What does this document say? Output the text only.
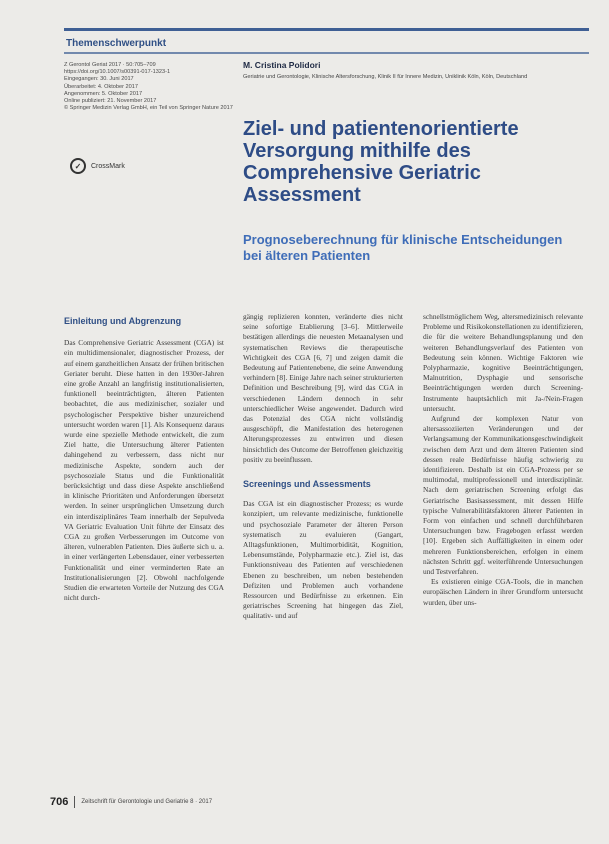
Themenschwerpunkt
Z Gerontol Geriat 2017 · 50:705–709
https://doi.org/10.1007/s00391-017-1323-1
Eingegangen: 30. Juni 2017
Überarbeitet: 4. Oktober 2017
Angenommen: 5. Oktober 2017
Online publiziert: 21. November 2017
© Springer Medizin Verlag GmbH, ein Teil von Springer Nature 2017
✓	CrossMark
M. Cristina Polidori
Geriatrie und Gerontologie, Klinische Altersforschung, Klinik II für Innere Medizin, Uniklinik Köln, Köln, Deutschland
Ziel- und patientenorientierte Versorgung mithilfe des Comprehensive Geriatric Assessment
Prognoseberechnung für klinische Entscheidungen bei älteren Patienten
Einleitung und Abgrenzung

Das Comprehensive Geriatric Assessment (CGA) ist ein multidimensionaler, diagnostischer Prozess, der auf einem ganzheitlichen Ansatz der frühen britischen Geriater beruht. Diese hatten in den 1930er-Jahren eine große Anzahl an langfristig institutionalisierten, funktionell beeinträchtigten, älteren Patienten beobachtet, die aus medizinischer, sozialer und psychologischer Perspektive bisher unzureichend untersucht worden waren [1]. Als Konsequenz daraus wurde eine spezielle Methode entwickelt, die zum Ziel hatte, die Untersuchung älterer Patienten dahingehend zu verbessern, dass nicht nur medizinische Aspekte, sondern auch der psychosoziale Status und die Funktionalität berücksichtigt und dass diese Aspekte anschließend in klinische Prioritäten und Anforderungen übersetzt werden. In seiner ursprünglichen Umsetzung durch ein interdisziplinäres Team innerhalb der Sepulveda VA Geriatric Evaluation Unit führte der Einsatz des CGA zu großen Verbesserungen im Outcome von älteren, vulnerablen Patienten. Dies äußerte sich u. a. in einer verlängerten Lebensdauer, einer verbesserten Funktionalität und einer verminderten Rate an Institutionalisierungen [2]. Obwohl nachfolgende Studien die erwarteten Vorteile der Nutzung des CGA nicht durch-

gängig replizieren konnten, veränderte dies nicht seine sofortige Etablierung [3–6]. Mittlerweile bestätigen allerdings die neuesten Metaanalysen und systematischen Reviews die therapeutische Wichtigkeit des CGA [6, 7] und zeigen damit die Bedeutung auf Patientenebene, die seine Anwendung verhindern [8]. Einige Jahre nach seiner strukturierten Definition und Beschreibung [9], wird das CGA in verschiedenen Ländern dennoch in sehr unterschiedlicher Weise angewendet. Dadurch wird das Potenzial des CGA nicht vollständig ausgeschöpft, die Manifestation des heterogenen Alterungsprozesses zu entwirren und diesen hinsichtlich des Outcome der Betroffenen gleichzeitig positiv zu beeinflussen.

Screenings und Assessments

Das CGA ist ein diagnostischer Prozess; es wurde konzipiert, um relevante medizinische, funktionelle und psychosoziale Parameter der älteren Person systematisch zu evaluieren (Gangart, Alltagsfunktionen, Multimorbidität, Kognition, Lebensumstände, Polypharmazie etc.). Ziel ist, das Funktionsniveau des Patienten auf verschiedenen Ebenen zu beschreiben, um neben bestehenden Defiziten und Problemen auch vorhandene Ressourcen und Bedürfnisse zu erkennen. Ein geriatrisches Screening hat hingegen das Ziel, qualitativ- und auf

schnellstmöglichem Weg, altersmedizinisch relevante Probleme und Risikokonstellationen zu identifizieren, die für die weitere Behandlungsplanung und den weiteren Behandlungsverlauf des Patienten von Bedeutung sein können. Wichtige Faktoren wie Polypharmazie, kognitive Beeinträchtigungen, Malnutrition, Dysphagie und sensorische Beeinträchtigungen werden durch Screening-Instrumente hauptsächlich mit Ja-/Nein-Fragen untersucht.

Aufgrund der komplexen Natur von altersassoziierten Veränderungen und der Verlangsamung der Kommunikationsgeschwindigkeit zwischen dem Arzt und dem älteren Patienten sind dessen reale Bedürfnisse häufig schwierig zu identifizieren. Deshalb ist ein CGA-Prozess per se multimodal, multiprofessionell und interdisziplinär. Nach dem geriatrischen Screening erfolgt das Geriatrische Basisassessment, mit dessen Hilfe typische Vulnerabilitätsfaktoren älterer Patienten in Form von einfachen und schnell durchführbaren Untersuchungen bzw. Fragebogen erfasst werden [10]. Ergeben sich Auffälligkeiten in einem oder mehreren Funktionsbereichen, erfolgen in einem nächsten Schritt ggf. weiterführende Untersuchungen und Testverfahren.

Es existieren einige CGA-Tools, die in manchen europäischen Ländern in ihrer Grundform untersucht wurden, über uns-

706 Zeitschrift für Gerontologie und Geriatrie 8 · 2017
